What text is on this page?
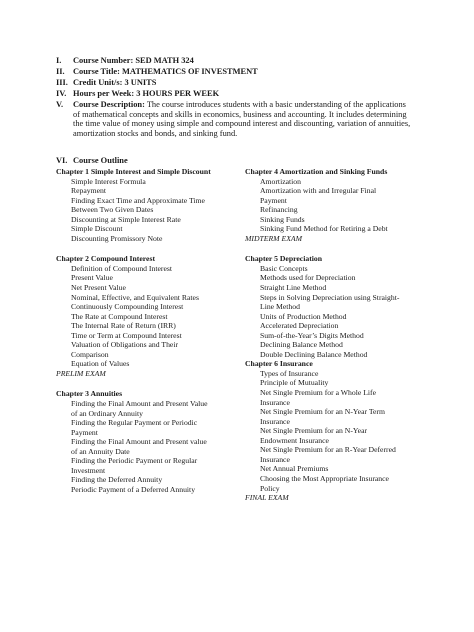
I. Course Number: SED MATH 324
II. Course Title: MATHEMATICS OF INVESTMENT
III. Credit Unit/s: 3 UNITS
IV. Hours per Week: 3 HOURS PER WEEK
V.	Course Description: The course introduces students with a basic understanding of the applications
of mathematical concepts and skills in economics, business and accounting. It includes determining
the time value of money using simple and compound interest and discounting, variation of annuities,
amortization stocks and bonds, and sinking fund.
VI. Course Outline
Chapter 1 Simple Interest and Simple Discount
Simple Interest Formula
Repayment
Finding Exact Time and Approximate Time
Between Two Given Dates
Discounting at Simple Interest Rate
Simple Discount
Discounting Promissory Note
Chapter 2 Compound Interest
Definition of Compound Interest
Present Value
Net Present Value
Nominal, Effective, and Equivalent Rates
Continuously Compounding Interest
The Rate at Compound Interest
The Internal Rate of Return (IRR)
Time or Term at Compound Interest
Valuation of Obligations and Their
Comparison
Equation of Values
PRELIM EXAM
Chapter 3 Annuities
Finding the Final Amount and Present Value
of an Ordinary Annuity
Finding the Regular Payment or Periodic
Payment
Finding the Final Amount and Present value
of an Annuity Date
Finding the Periodic Payment or Regular
Investment
Finding the Deferred Annuity
Periodic Payment of a Deferred Annuity
Chapter 4 Amortization and Sinking Funds
Amortization
Amortization with and Irregular Final
Payment
Refinancing
Sinking Funds
Sinking Fund Method for Retiring a Debt
MIDTERM EXAM
Chapter 5 Depreciation
Basic Concepts
Methods used for Depreciation
Straight Line Method
Steps in Solving Depreciation using Straight-
Line Method
Units of Production Method
Accelerated Depreciation
Sum-of-the-Year’s Digits Method
Declining Balance Method
Double Declining Balance Method
Chapter 6 Insurance
Types of Insurance
Principle of Mutuality
Net Single Premium for a Whole Life
Insurance
Net Single Premium for an N-Year Term
Insurance
Net Single Premium for an N-Year
Endowment Insurance
Net Single Premium for an R-Year Deferred
Insurance
Net Annual Premiums
Choosing the Most Appropriate Insurance
Policy
FINAL EXAM
